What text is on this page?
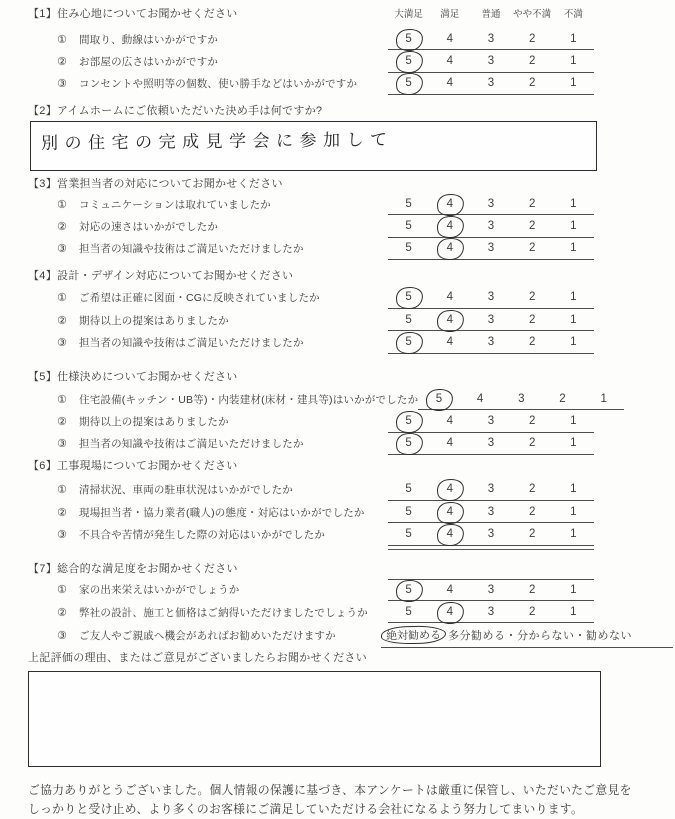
【1】住み心地についてお聞かせください	大満足	満足	普通	やや不満	不満
①	間取り、動線はいかがですか	5	4	3	2	1
②	お部屋の広さはいかがですか	5	4	3	2	1
③	コンセントや照明等の個数、使い勝手などはいかがですか	5	4	3	2	1
【2】アイムホームにご依頼いただいた決め手は何ですか?
別の住宅の完成見学会に参加して
【3】営業担当者の対応についてお聞かせください
①	コミュニケーションは取れていましたか	5	4	3	2	1
②	対応の速さはいかがでしたか	5	4	3	2	1
③	担当者の知識や技術はご満足いただけましたか	5	4	3	2	1
【4】設計・デザイン対応についてお聞かせください
①	ご希望は正確に図面・CGに反映されていましたか	5	4	3	2	1
②	期待以上の提案はありましたか	5	4	3	2	1
③	担当者の知識や技術はご満足いただけましたか	5	4	3	2	1
【5】仕様決めについてお聞かせください
①	住宅設備(キッチン・UB等)・内装建材(床材・建具等)はいかがでしたか	5	4	3	2	1
②	期待以上の提案はありましたか	5	4	3	2	1
③	担当者の知識や技術はご満足いただけましたか	5	4	3	2	1
【6】工事現場についてお聞かせください
①	清掃状況、車両の駐車状況はいかがでしたか	5	4	3	2	1
②	現場担当者・協力業者(職人)の態度・対応はいかがでしたか	5	4	3	2	1
③	不具合や苦情が発生した際の対応はいかがでしたか	5	4	3	2	1
【7】総合的な満足度をお聞かせください
①	家の出来栄えはいかがでしょうか	5	4	3	2	1
②	弊社の設計、施工と価格はご納得いただけましたでしょうか	5	4	3	2	1
③	ご友人やご親戚へ機会があればお勧めいただけますか	絶対勧める 多分勧める・分からない・勧めない
上記評価の理由、またはご意見がございましたらお聞かせください
ご協力ありがとうございました。個人情報の保護に基づき、本アンケートは厳重に保管し、いただいたご意見を
しっかりと受け止め、より多くのお客様にご満足していただける会社になるよう努力してまいります。
